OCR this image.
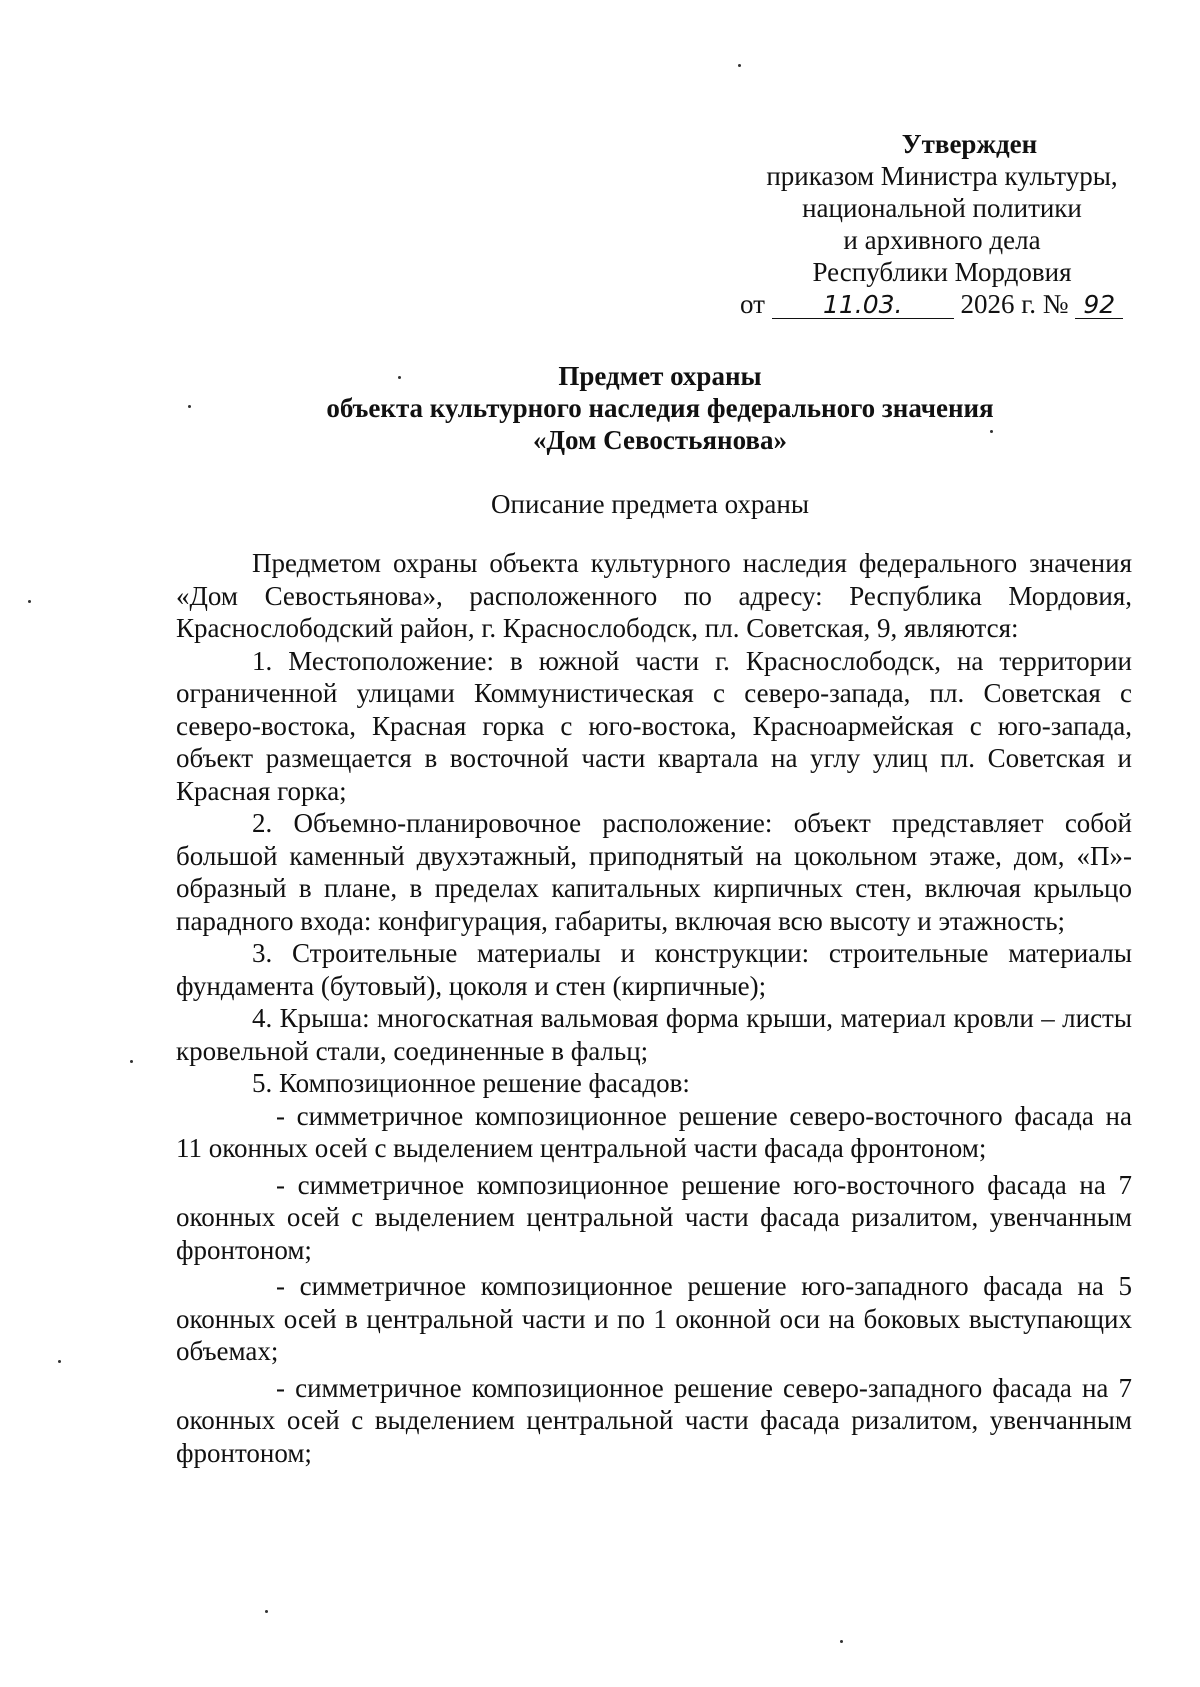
Утвержден
приказом Министра культуры,
национальной политики
и архивного дела
Республики Мордовия
от 11.03. 2026 г. № 92
Предмет охраны
объекта культурного наследия федерального значения
«Дом Севостьянова»
Описание предмета охраны

Предметом охраны объекта культурного наследия федерального значения «Дом Севостьянова», расположенного по адресу: Республика Мордовия, Краснослободский район, г. Краснослободск, пл. Советская, 9, являются:

1. Местоположение: в южной части г. Краснослободск, на территории ограниченной улицами Коммунистическая с северо-запада, пл. Советская с северо-востока, Красная горка с юго-востока, Красноармейская с юго-запада, объект размещается в восточной части квартала на углу улиц пл. Советская и Красная горка;

2. Объемно-планировочное расположение: объект представляет собой большой каменный двухэтажный, приподнятый на цокольном этаже, дом, «П»-образный в плане, в пределах капитальных кирпичных стен, включая крыльцо парадного входа: конфигурация, габариты, включая всю высоту и этажность;

3. Строительные материалы и конструкции: строительные материалы фундамента (бутовый), цоколя и стен (кирпичные);

4. Крыша: многоскатная вальмовая форма крыши, материал кровли – листы кровельной стали, соединенные в фальц;

5. Композиционное решение фасадов:

- симметричное композиционное решение северо-восточного фасада на 11 оконных осей с выделением центральной части фасада фронтоном;

- симметричное композиционное решение юго-восточного фасада на 7 оконных осей с выделением центральной части фасада ризалитом, увенчанным фронтоном;

- симметричное композиционное решение юго-западного фасада на 5 оконных осей в центральной части и по 1 оконной оси на боковых выступающих объемах;

- симметричное композиционное решение северо-западного фасада на 7 оконных осей с выделением центральной части фасада ризалитом, увенчанным фронтоном;
